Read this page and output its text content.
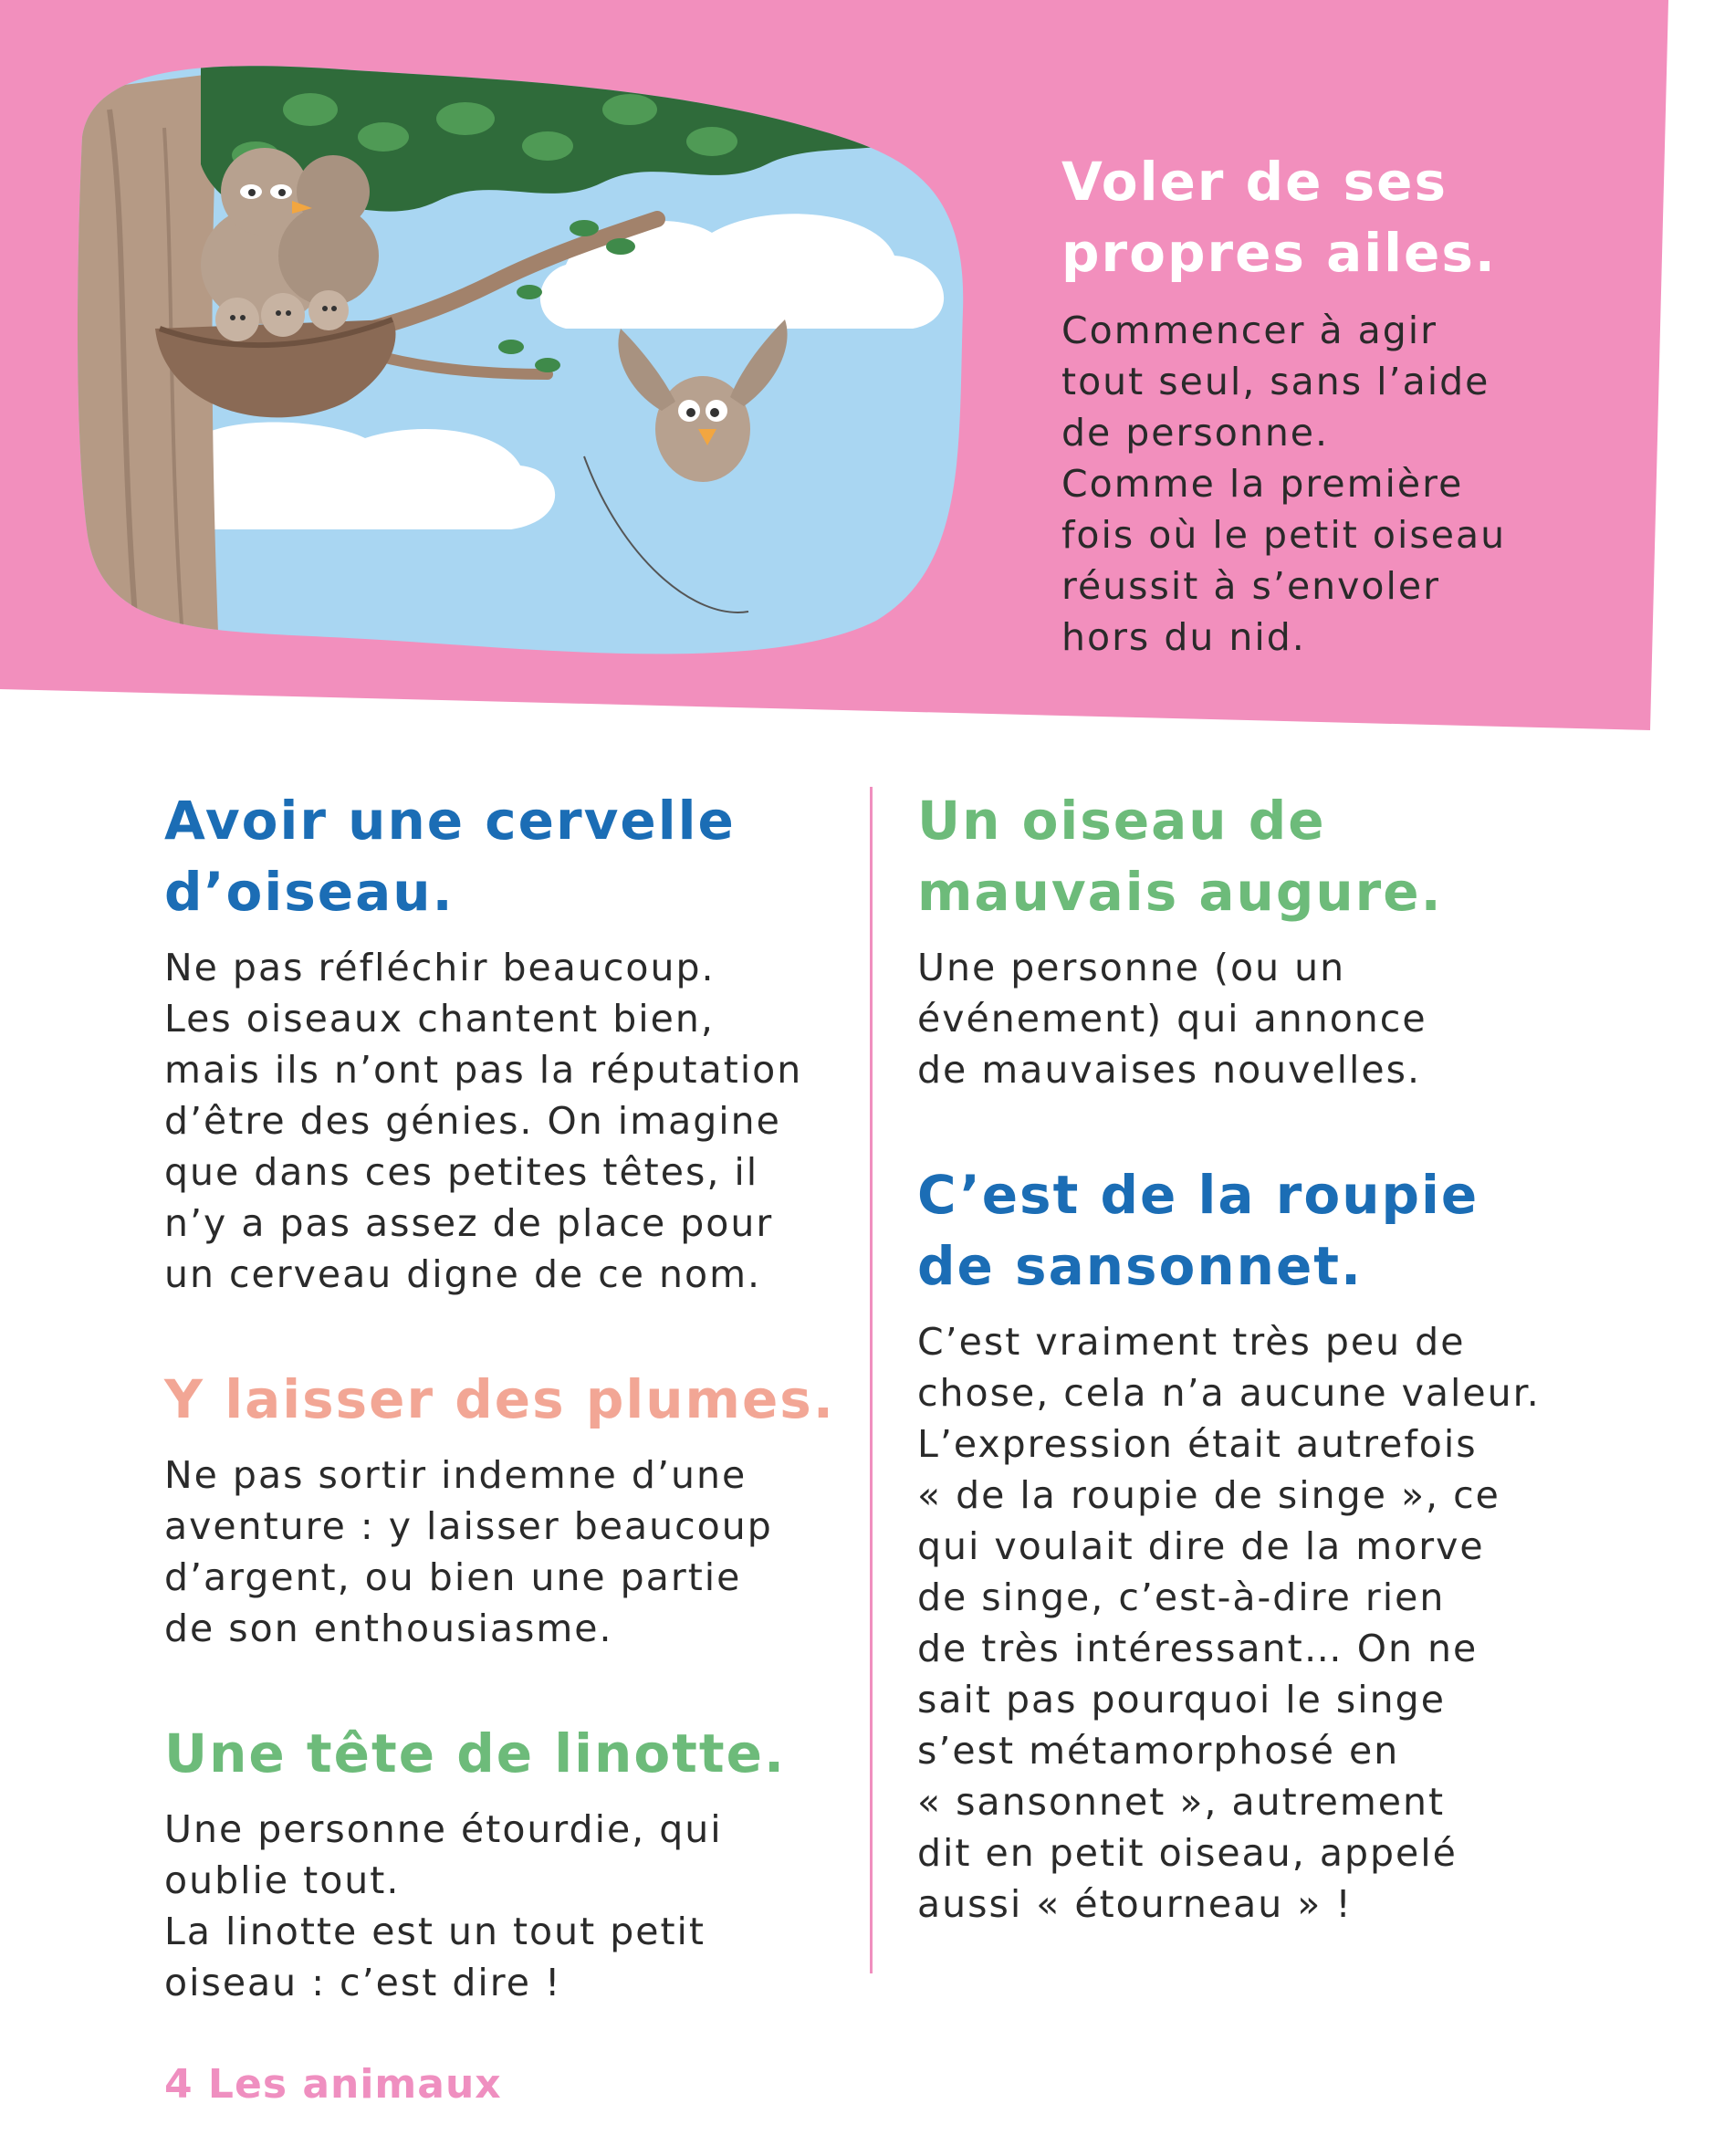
Voler de ses
propres ailes.

Commencer à agir
tout seul, sans l’aide
de personne.
Comme la première
fois où le petit oiseau
réussit à s’envoler
hors du nid.

Avoir une cervelle
d’oiseau.

Ne pas réfléchir beaucoup.
Les oiseaux chantent bien,
mais ils n’ont pas la réputation
d’être des génies. On imagine
que dans ces petites têtes, il
n’y a pas assez de place pour
un cerveau digne de ce nom.

Y laisser des plumes.

Ne pas sortir indemne d’une
aventure : y laisser beaucoup
d’argent, ou bien une partie
de son enthousiasme.

Une tête de linotte.

Une personne étourdie, qui
oublie tout.
La linotte est un tout petit
oiseau : c’est dire !

Un oiseau de
mauvais augure.

Une personne (ou un
événement) qui annonce
de mauvaises nouvelles.

C’est de la roupie
de sansonnet.

C’est vraiment très peu de
chose, cela n’a aucune valeur.
L’expression était autrefois
« de la roupie de singe », ce
qui voulait dire de la morve
de singe, c’est-à-dire rien
de très intéressant… On ne
sait pas pourquoi le singe
s’est métamorphosé en
« sansonnet », autrement
dit en petit oiseau, appelé
aussi « étourneau » !

4 Les animaux
